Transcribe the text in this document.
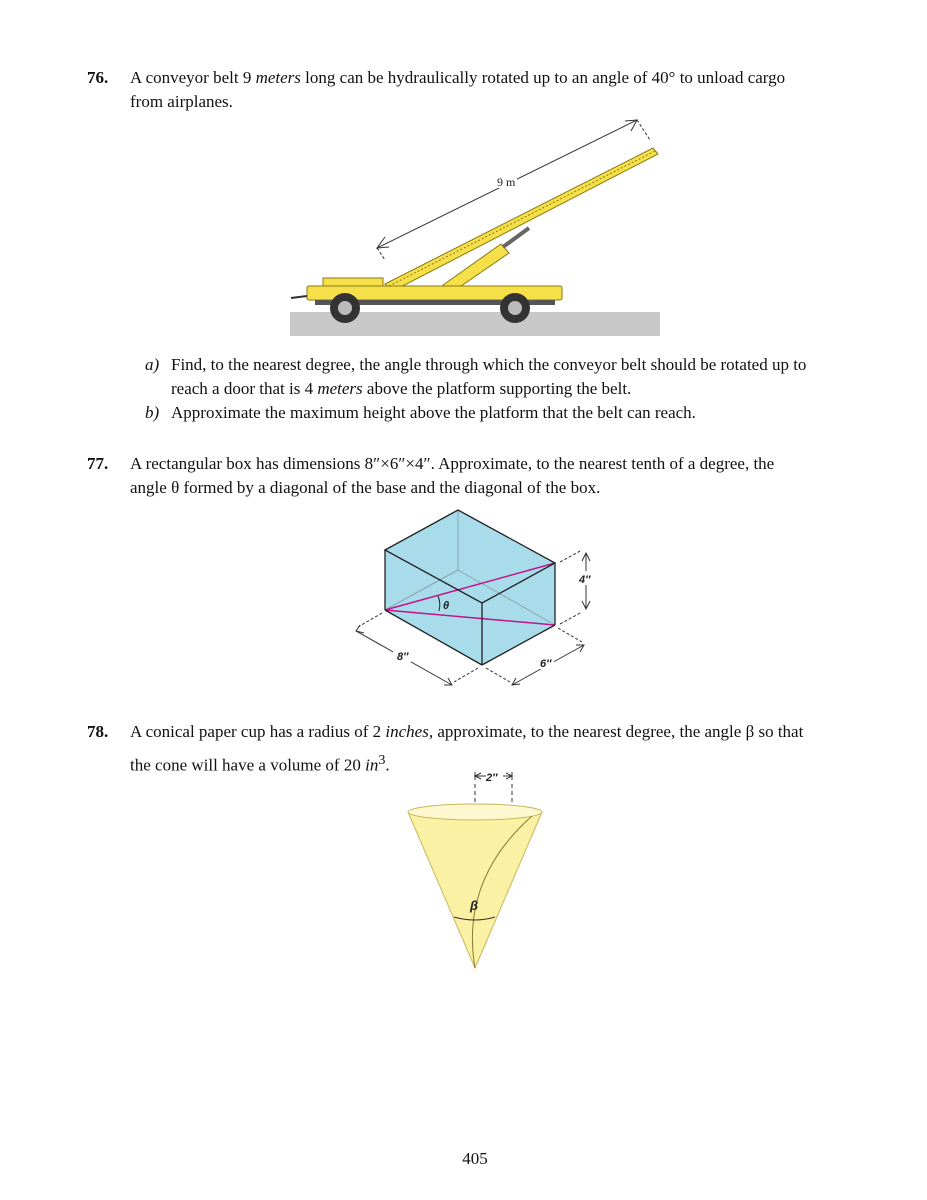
76. A conveyor belt 9 meters long can be hydraulically rotated up to an angle of 40° to unload cargo
from airplanes.
9 m
a) Find, to the nearest degree, the angle through which the conveyor belt should be rotated up to
reach a door that is 4 meters above the platform supporting the belt.
b) Approximate the maximum height above the platform that the belt can reach.
77. A rectangular box has dimensions 8″×6″×4″. Approximate, to the nearest tenth of a degree, the
angle θ formed by a diagonal of the base and the diagonal of the box.
θ
4″
8″
6″
78. A conical paper cup has a radius of 2 inches, approximate, to the nearest degree, the angle β so that
the cone will have a volume of 20 $in^3$.
2″
β
405
